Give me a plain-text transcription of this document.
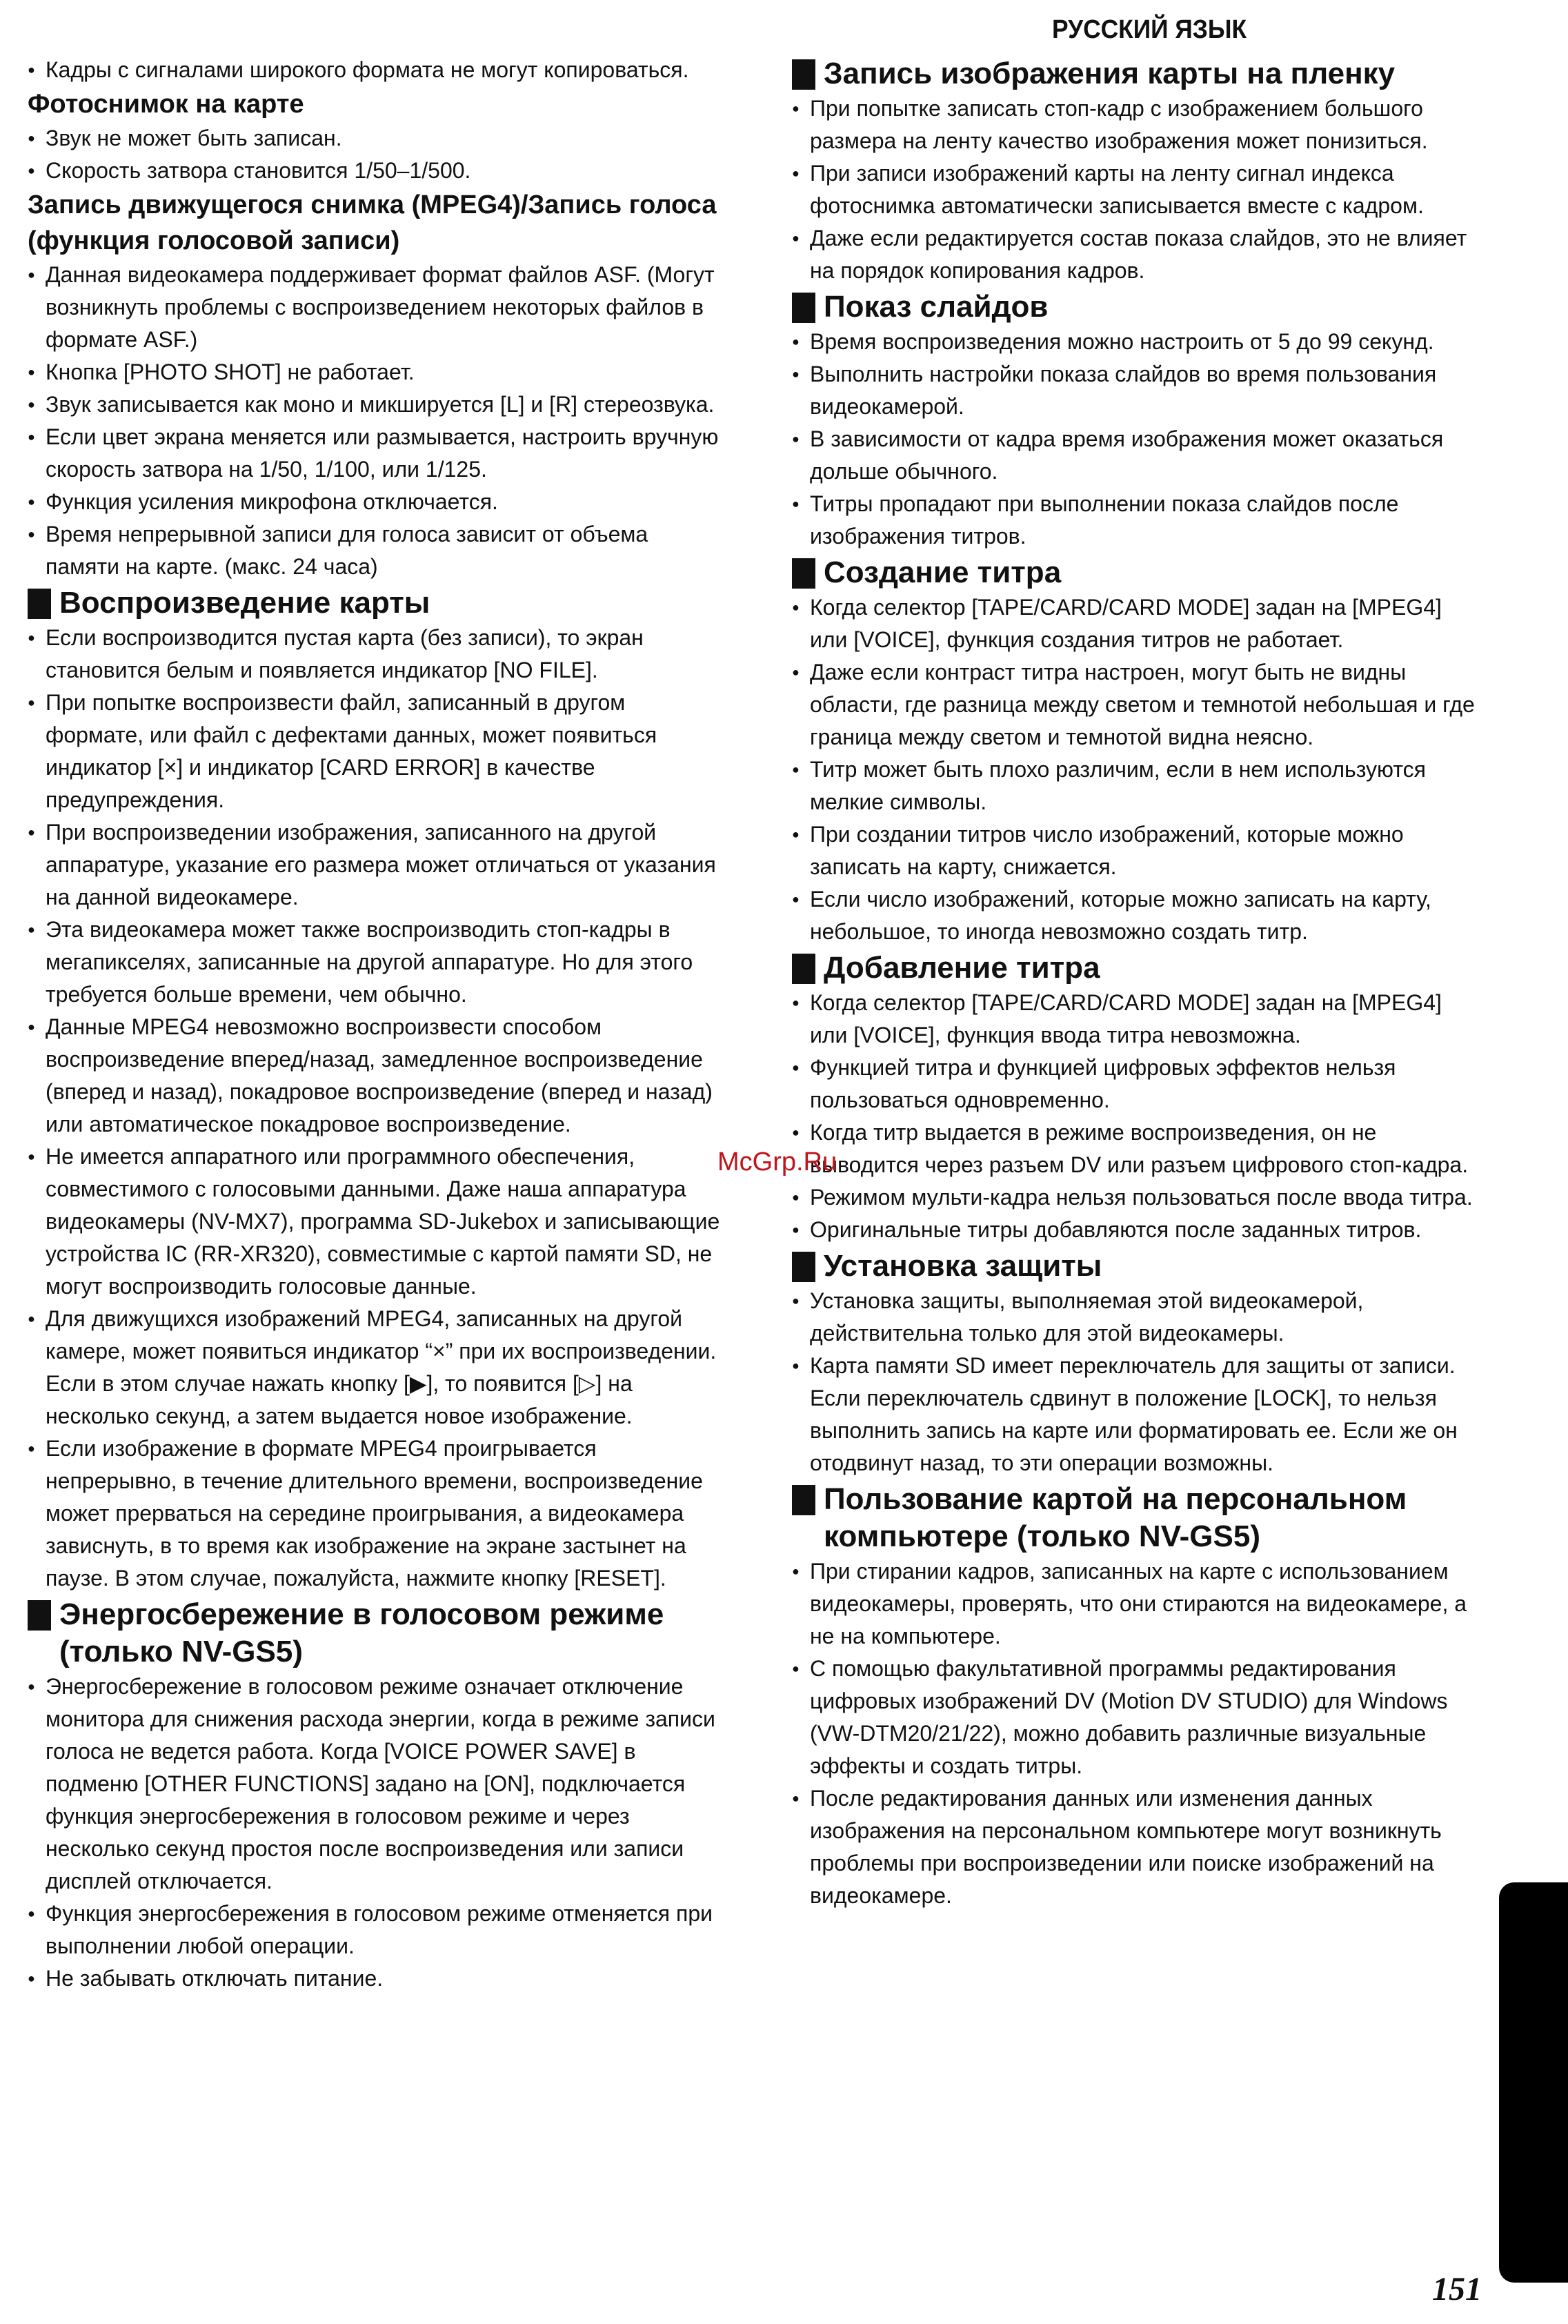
РУССКИЙ ЯЗЫК
● Кадры с сигналами широкого формата не могут копироваться.
Фотоснимок на карте
● Звук не может быть записан.
● Скорость затвора становится 1/50–1/500.
Запись движущегося снимка (MPEG4)/Запись голоса (функция голосовой записи)
● Данная видеокамера поддерживает формат файлов ASF. (Могут возникнуть проблемы с воспроизведением некоторых файлов в формате ASF.)
● Кнопка [PHOTO SHOT] не работает.
● Звук записывается как моно и микшируется [L] и [R] стереозвука.
● Если цвет экрана меняется или размывается, настроить вручную скорость затвора на 1/50, 1/100, или 1/125.
● Функция усиления микрофона отключается.
● Время непрерывной записи для голоса зависит от объема памяти на карте. (макс. 24 часа)
Воспроизведение карты
● Если воспроизводится пустая карта (без записи), то экран становится белым и появляется индикатор [NO FILE].
● При попытке воспроизвести файл, записанный в другом формате, или файл с дефектами данных, может появиться индикатор [×] и индикатор [CARD ERROR] в качестве предупреждения.
● При воспроизведении изображения, записанного на другой аппаратуре, указание его размера может отличаться от указания на данной видеокамере.
● Эта видеокамера может также воспроизводить стоп-кадры в мегапикселях, записанные на другой аппаратуре. Но для этого требуется больше времени, чем обычно.
● Данные MPEG4 невозможно воспроизвести способом воспроизведение вперед/назад, замедленное воспроизведение (вперед и назад), покадровое воспроизведение (вперед и назад) или автоматическое покадровое воспроизведение.
● Не имеется аппаратного или программного обеспечения, совместимого с голосовыми данными. Даже наша аппаратура видеокамеры (NV-MX7), программа SD-Jukebox и записывающие устройства IC (RR-XR320), совместимые с картой памяти SD, не могут воспроизводить голосовые данные.
● Для движущихся изображений MPEG4, записанных на другой камере, может появиться индикатор “×” при их воспроизведении. Если в этом случае нажать кнопку [▶], то появится [▷] на несколько секунд, а затем выдается новое изображение.
● Если изображение в формате MPEG4 проигрывается непрерывно, в течение длительного времени, воспроизведение может прерваться на середине проигрывания, а видеокамера зависнуть, в то время как изображение на экране застынет на паузе. В этом случае, пожалуйста, нажмите кнопку [RESET].
Энергосбережение в голосовом режиме (только NV-GS5)
● Энергосбережение в голосовом режиме означает отключение монитора для снижения расхода энергии, когда в режиме записи голоса не ведется работа. Когда [VOICE POWER SAVE] в подменю [OTHER FUNCTIONS] задано на [ON], подключается функция энергосбережения в голосовом режиме и через несколько секунд простоя после воспроизведения или записи дисплей отключается.
● Функция энергосбережения в голосовом режиме отменяется при выполнении любой операции.
● Не забывать отключать питание.
Запись изображения карты на пленку
● При попытке записать стоп-кадр с изображением большого размера на ленту качество изображения может понизиться.
● При записи изображений карты на ленту сигнал индекса фотоснимка автоматически записывается вместе с кадром.
● Даже если редактируется состав показа слайдов, это не влияет на порядок копирования кадров.
Показ слайдов
● Время воспроизведения можно настроить от 5 до 99 секунд.
● Выполнить настройки показа слайдов во время пользования видеокамерой.
● В зависимости от кадра время изображения может оказаться дольше обычного.
● Титры пропадают при выполнении показа слайдов после изображения титров.
Создание титра
● Когда селектор [TAPE/CARD/CARD MODE] задан на [MPEG4] или [VOICE], функция создания титров не работает.
● Даже если контраст титра настроен, могут быть не видны области, где разница между светом и темнотой небольшая и где граница между светом и темнотой видна неясно.
● Титр может быть плохо различим, если в нем используются мелкие символы.
● При создании титров число изображений, которые можно записать на карту, снижается.
● Если число изображений, которые можно записать на карту, небольшое, то иногда невозможно создать титр.
Добавление титра
● Когда селектор [TAPE/CARD/CARD MODE] задан на [MPEG4] или [VOICE], функция ввода титра невозможна.
● Функцией титра и функцией цифровых эффектов нельзя пользоваться одновременно.
● Когда титр выдается в режиме воспроизведения, он не выводится через разъем DV или разъем цифрового стоп-кадра.
● Режимом мульти-кадра нельзя пользоваться после ввода титра.
● Оригинальные титры добавляются после заданных титров.
Установка защиты
● Установка защиты, выполняемая этой видеокамерой, действительна только для этой видеокамеры.
● Карта памяти SD имеет переключатель для защиты от записи. Если переключатель сдвинут в положение [LOCK], то нельзя выполнить запись на карте или форматировать ее. Если же он отодвинут назад, то эти операции возможны.
Пользование картой на персональном компьютере (только NV-GS5)
● При стирании кадров, записанных на карте с использованием видеокамеры, проверять, что они стираются на видеокамере, а не на компьютере.
● С помощью факультативной программы редактирования цифровых изображений DV (Motion DV STUDIO) для Windows (VW-DTM20/21/22), можно добавить различные визуальные эффекты и создать титры.
● После редактирования данных или изменения данных изображения на персональном компьютере могут возникнуть проблемы при воспроизведении или поиске изображений на видеокамере.
McGrp.Ru
151
